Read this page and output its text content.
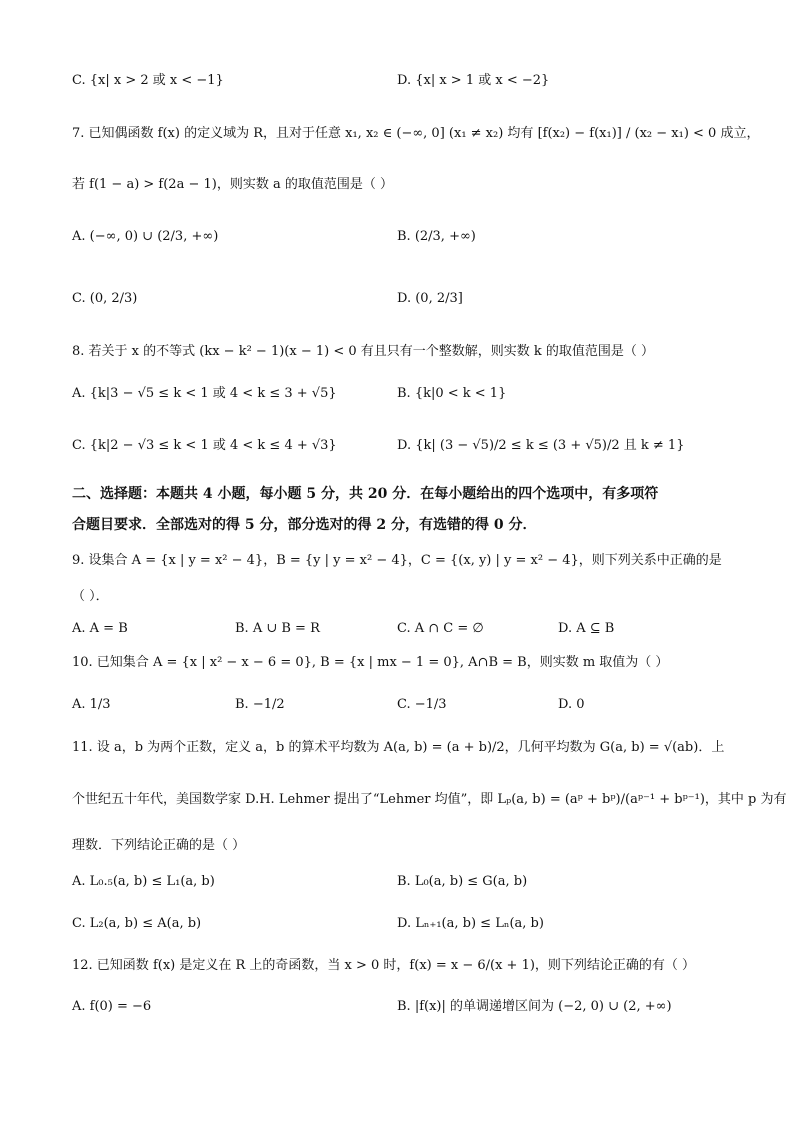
C. {x| x > 2 或 x < −1}	D. {x| x > 1 或 x < −2}
7. 已知偶函数 f(x) 的定义域为 R，且对于任意 x₁, x₂ ∈ (−∞, 0] (x₁ ≠ x₂) 均有 [f(x₂) − f(x₁)] / (x₂ − x₁) < 0 成立，
若 f(1 − a) > f(2a − 1)，则实数 a 的取值范围是（ ）
A. (−∞, 0) ∪ (2/3, +∞)	B. (2/3, +∞)
C. (0, 2/3)	D. (0, 2/3]
8. 若关于 x 的不等式 (kx − k² − 1)(x − 1) < 0 有且只有一个整数解，则实数 k 的取值范围是（ ）
A. {k|3 − √5 ≤ k < 1 或 4 < k ≤ 3 + √5}	B. {k|0 < k < 1}
C. {k|2 − √3 ≤ k < 1 或 4 < k ≤ 4 + √3}	D. {k| (3 − √5)/2 ≤ k ≤ (3 + √5)/2 且 k ≠ 1}
二、选择题：本题共 4 小题，每小题 5 分，共 20 分．在每小题给出的四个选项中，有多项符
合题目要求．全部选对的得 5 分，部分选对的得 2 分，有选错的得 0 分．
9. 设集合 A = {x | y = x² − 4}，B = {y | y = x² − 4}，C = {(x, y) | y = x² − 4}，则下列关系中正确的是
（ ）．
A. A = B	B. A ∪ B = R	C. A ∩ C = ∅	D. A ⊆ B
10. 已知集合 A = {x | x² − x − 6 = 0}, B = {x | mx − 1 = 0}, A∩B = B，则实数 m 取值为（ ）
A. 1/3	B. −1/2	C. −1/3	D. 0
11. 设 a，b 为两个正数，定义 a，b 的算术平均数为 A(a, b) = (a + b)/2，几何平均数为 G(a, b) = √(ab)．上
个世纪五十年代，美国数学家 D.H. Lehmer 提出了“Lehmer 均值”，即 Lₚ(a, b) = (aᵖ + bᵖ)/(aᵖ⁻¹ + bᵖ⁻¹)，其中 p 为有
理数．下列结论正确的是（ ）
A. L₀.₅(a, b) ≤ L₁(a, b)	B. L₀(a, b) ≤ G(a, b)
C. L₂(a, b) ≤ A(a, b)	D. Lₙ₊₁(a, b) ≤ Lₙ(a, b)
12. 已知函数 f(x) 是定义在 R 上的奇函数，当 x > 0 时，f(x) = x − 6/(x + 1)，则下列结论正确的有（ ）
A. f(0) = −6	B. |f(x)| 的单调递增区间为 (−2, 0) ∪ (2, +∞)
